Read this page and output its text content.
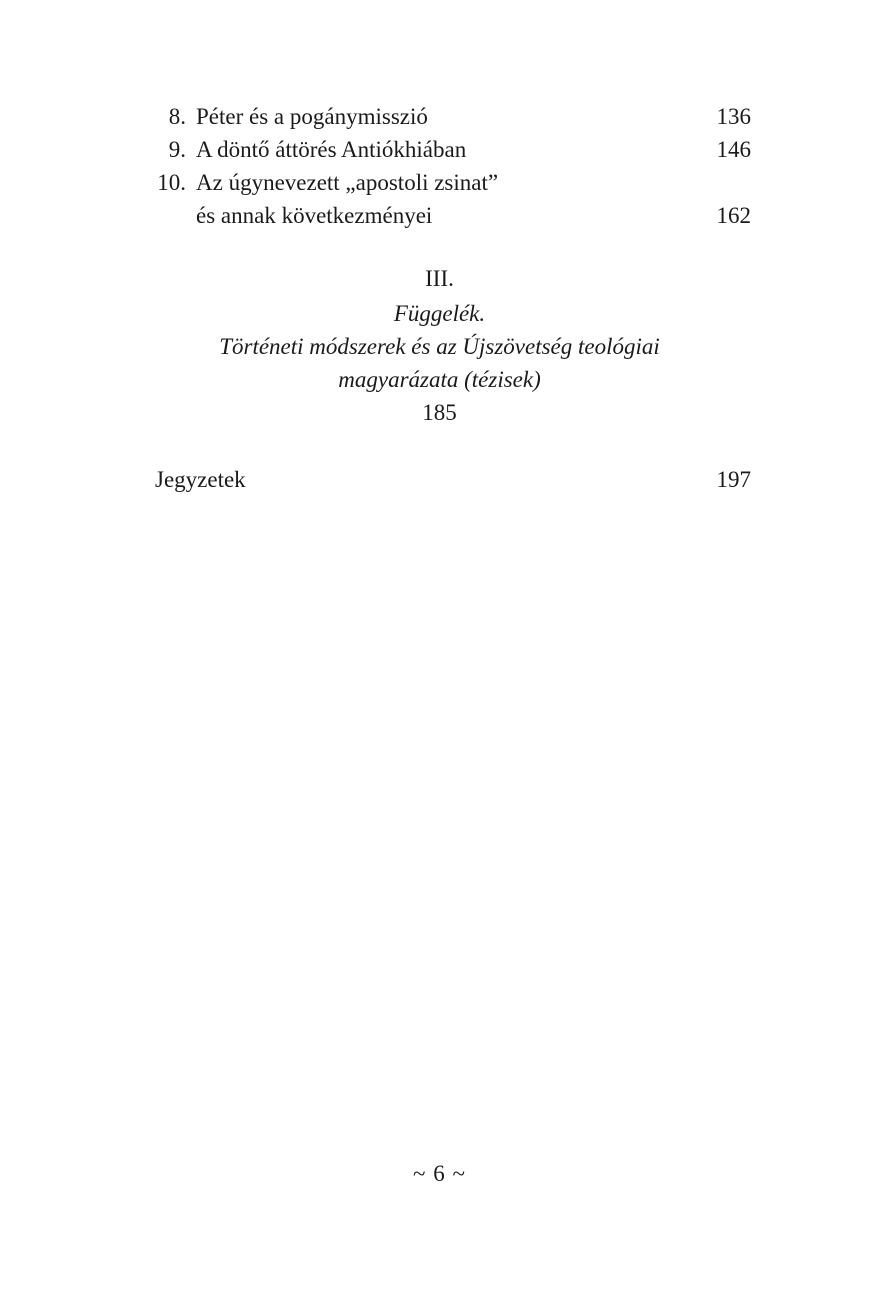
8. Péter és a pogánymisszió	136
9. A döntő áttörés Antiókhiában	146
10. Az úgynevezett „apostoli zsinat”
és annak következményei	162
III.
Függelék.
Történeti módszerek és az Újszövetség teológiai
magyarázata (tézisek)
185
Jegyzetek	197
~ 6 ~
